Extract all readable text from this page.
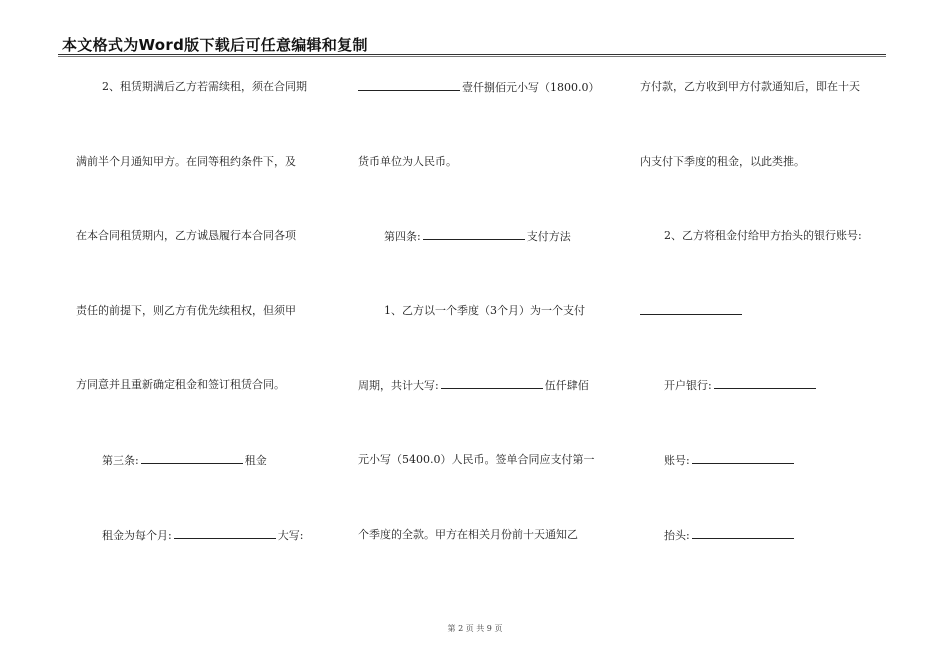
本文格式为Word版下载后可任意编辑和复制
2、租赁期满后乙方若需续租，须在合同期
满前半个月通知甲方。在同等租约条件下，及
在本合同租赁期内，乙方诚恳履行本合同各项
责任的前提下，则乙方有优先续租权，但须甲
方同意并且重新确定租金和签订租赁合同。
第三条:	租金
租金为每个月:	大写:
壹仟捌佰元小写（1800.0）
货币单位为人民币。
第四条:	支付方法
1、乙方以一个季度（3个月）为一个支付
周期，共计大写:	伍仟肆佰
元小写（5400.0）人民币。签单合同应支付第一
个季度的全款。甲方在相关月份前十天通知乙
方付款，乙方收到甲方付款通知后，即在十天
内支付下季度的租金，以此类推。
2、乙方将租金付给甲方抬头的银行账号:
开户银行:
账号:
抬头:
第 2 页 共 9 页
